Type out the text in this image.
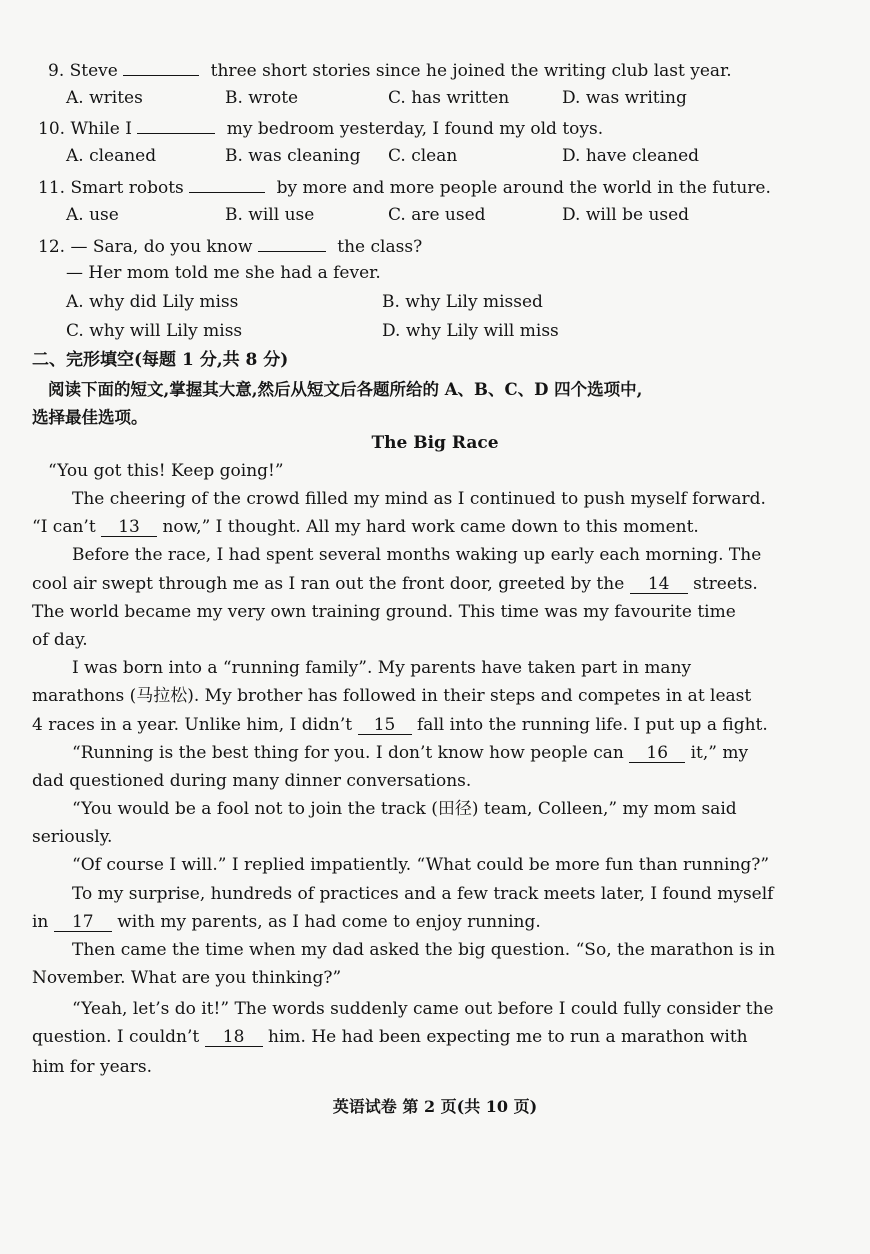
9. Steve	three short stories since he joined the writing club last year.
A. writes	B. wrote	C. has written	D. was writing
10. While I	my bedroom yesterday, I found my old toys.
A. cleaned	B. was cleaning C. clean	D. have cleaned
11. Smart robots	by more and more people around the world in the future.
A. use	B. will use	C. are used	D. will be used
12. — Sara, do you know	the class?
— Her mom told me she had a fever.
A. why did Lily miss	B. why Lily missed
C. why will Lily miss	D. why Lily will miss
二、完形填空(每题 1 分,共 8 分)
阅读下面的短文,掌握其大意,然后从短文后各题所给的 A、B、C、D 四个选项中,
选择最佳选项。
The Big Race
“You got this! Keep going!”
The cheering of the crowd filled my mind as I continued to push myself forward.
“I can’t 13 now,” I thought. All my hard work came down to this moment.
Before the race, I had spent several months waking up early each morning. The
cool air swept through me as I ran out the front door, greeted by the 14 streets.
The world became my very own training ground. This time was my favourite time
of day.
I was born into a “running family”. My parents have taken part in many
marathons (马拉松). My brother has followed in their steps and competes in at least
4 races in a year. Unlike him, I didn’t 15 fall into the running life. I put up a fight.
“Running is the best thing for you. I don’t know how people can 16 it,” my
dad questioned during many dinner conversations.
“You would be a fool not to join the track (田径) team, Colleen,” my mom said
seriously.
“Of course I will.” I replied impatiently. “What could be more fun than running?”
To my surprise, hundreds of practices and a few track meets later, I found myself
in 17 with my parents, as I had come to enjoy running.
Then came the time when my dad asked the big question. “So, the marathon is in
November. What are you thinking?”
“Yeah, let’s do it!” The words suddenly came out before I could fully consider the
question. I couldn’t 18 him. He had been expecting me to run a marathon with
him for years.
英语试卷 第 2 页(共 10 页)
